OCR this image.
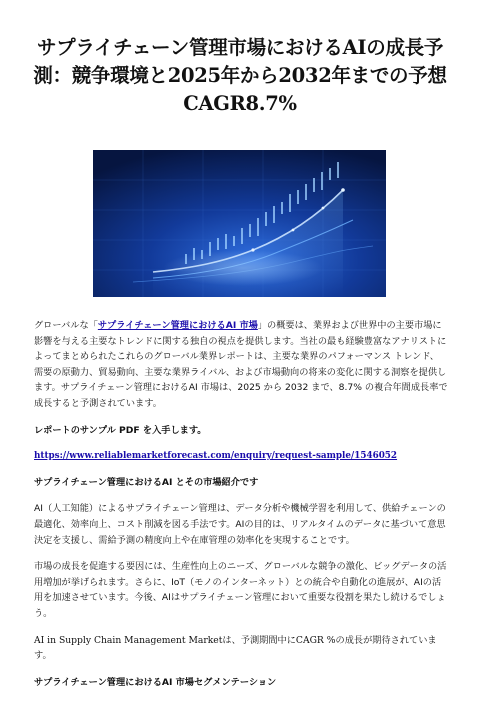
サプライチェーン管理市場におけるAIの成長予測：競争環境と2025年から2032年までの予想CAGR8.7%

グローバルな「サプライチェーン管理におけるAI 市場」の概要は、業界および世界中の主要市場に影響を与える主要なトレンドに関する独自の視点を提供します。当社の最も経験豊富なアナリストによってまとめられたこれらのグローバル業界レポートは、主要な業界のパフォーマンス トレンド、需要の原動力、貿易動向、主要な業界ライバル、および市場動向の将来の変化に関する洞察を提供します。サプライチェーン管理におけるAI 市場は、2025 から 2032 まで、8.7% の複合年間成長率で成長すると予測されています。

レポートのサンプル PDF を入手します。

https://www.reliablemarketforecast.com/enquiry/request-sample/1546052

サプライチェーン管理におけるAI とその市場紹介です

AI（人工知能）によるサプライチェーン管理は、データ分析や機械学習を利用して、供給チェーンの最適化、効率向上、コスト削減を図る手法です。AIの目的は、リアルタイムのデータに基づいて意思決定を支援し、需給予測の精度向上や在庫管理の効率化を実現することです。

市場の成長を促進する要因には、生産性向上のニーズ、グローバルな競争の激化、ビッグデータの活用増加が挙げられます。さらに、IoT（モノのインターネット）との統合や自動化の進展が、AIの活用を加速させています。今後、AIはサプライチェーン管理において重要な役割を果たし続けるでしょう。

AI in Supply Chain Management Marketは、予測期間中にCAGR %の成長が期待されています。

サプライチェーン管理におけるAI 市場セグメンテーション
